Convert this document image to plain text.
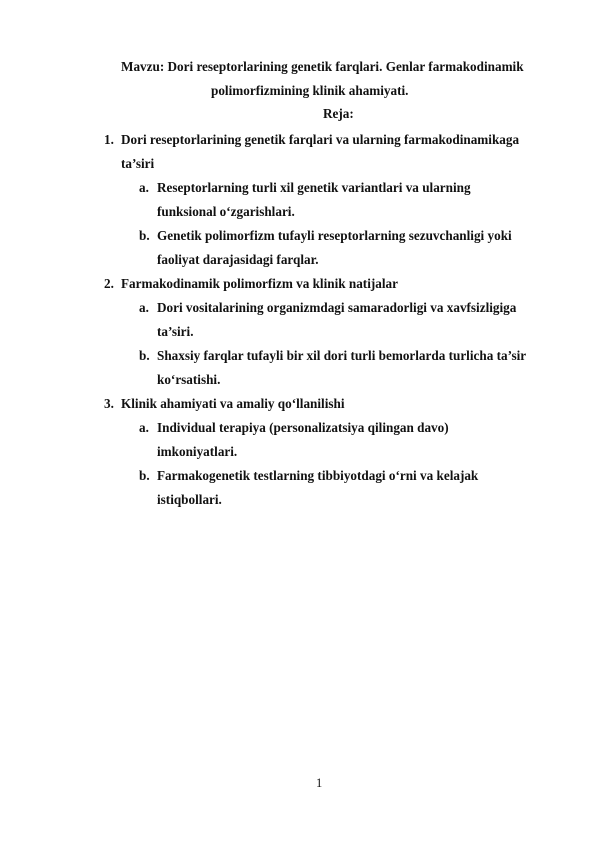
Mavzu: Dori reseptorlarining genetik farqlari. Genlar farmakodinamik
polimorfizmining klinik ahamiyati.
Reja:
1. Dori reseptorlarining genetik farqlari va ularning farmakodinamikaga
ta’siri
a. Reseptorlarning turli xil genetik variantlari va ularning
funksional o‘zgarishlari.
b. Genetik polimorfizm tufayli reseptorlarning sezuvchanligi yoki
faoliyat darajasidagi farqlar.
2. Farmakodinamik polimorfizm va klinik natijalar
a. Dori vositalarining organizmdagi samaradorligi va xavfsizligiga
ta’siri.
b. Shaxsiy farqlar tufayli bir xil dori turli bemorlarda turlicha ta’sir
ko‘rsatishi.
3. Klinik ahamiyati va amaliy qo‘llanilishi
a. Individual terapiya (personalizatsiya qilingan davo)
imkoniyatlari.
b. Farmakogenetik testlarning tibbiyotdagi o‘rni va kelajak
istiqbollari.
1
